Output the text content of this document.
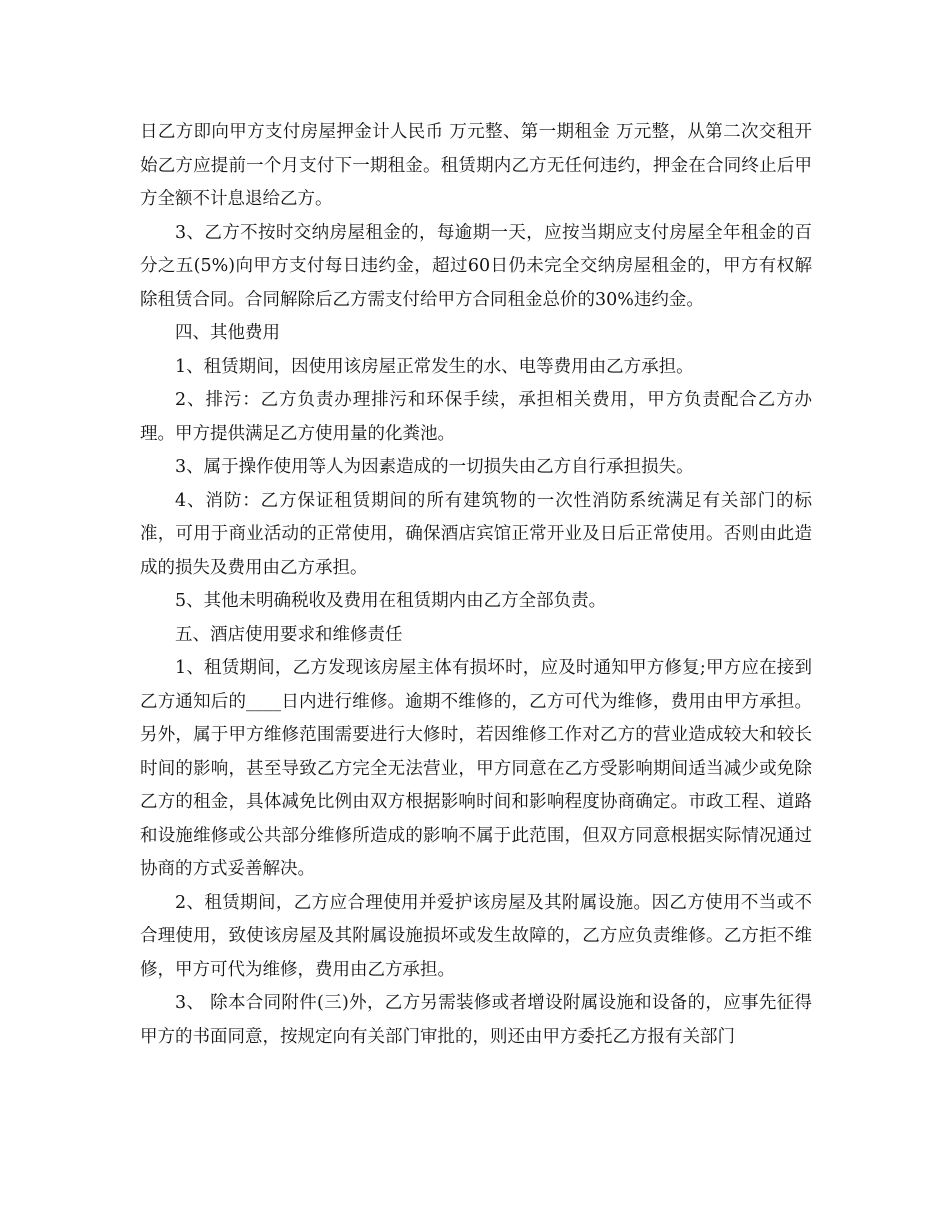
日乙方即向甲方支付房屋押金计人民币 万元整、第一期租金 万元整，从第二次交租开始乙方应提前一个月支付下一期租金。租赁期内乙方无任何违约，押金在合同终止后甲方全额不计息退给乙方。

3、乙方不按时交纳房屋租金的，每逾期一天，应按当期应支付房屋全年租金的百分之五(5%)向甲方支付每日违约金，超过60日仍未完全交纳房屋租金的，甲方有权解除租赁合同。合同解除后乙方需支付给甲方合同租金总价的30%违约金。

四、其他费用

1、租赁期间，因使用该房屋正常发生的水、电等费用由乙方承担。

2、排污：乙方负责办理排污和环保手续，承担相关费用，甲方负责配合乙方办理。甲方提供满足乙方使用量的化粪池。

3、属于操作使用等人为因素造成的一切损失由乙方自行承担损失。

4、消防：乙方保证租赁期间的所有建筑物的一次性消防系统满足有关部门的标准，可用于商业活动的正常使用，确保酒店宾馆正常开业及日后正常使用。否则由此造成的损失及费用由乙方承担。

5、其他未明确税收及费用在租赁期内由乙方全部负责。

五、酒店使用要求和维修责任

1、租赁期间，乙方发现该房屋主体有损坏时，应及时通知甲方修复;甲方应在接到乙方通知后的____日内进行维修。逾期不维修的，乙方可代为维修，费用由甲方承担。另外，属于甲方维修范围需要进行大修时，若因维修工作对乙方的营业造成较大和较长时间的影响，甚至导致乙方完全无法营业，甲方同意在乙方受影响期间适当减少或免除乙方的租金，具体减免比例由双方根据影响时间和影响程度协商确定。市政工程、道路和设施维修或公共部分维修所造成的影响不属于此范围，但双方同意根据实际情况通过协商的方式妥善解决。

2、租赁期间，乙方应合理使用并爱护该房屋及其附属设施。因乙方使用不当或不合理使用，致使该房屋及其附属设施损坏或发生故障的，乙方应负责维修。乙方拒不维修，甲方可代为维修，费用由乙方承担。

3、 除本合同附件(三)外，乙方另需装修或者增设附属设施和设备的，应事先征得甲方的书面同意，按规定向有关部门审批的，则还由甲方委托乙方报有关部门
